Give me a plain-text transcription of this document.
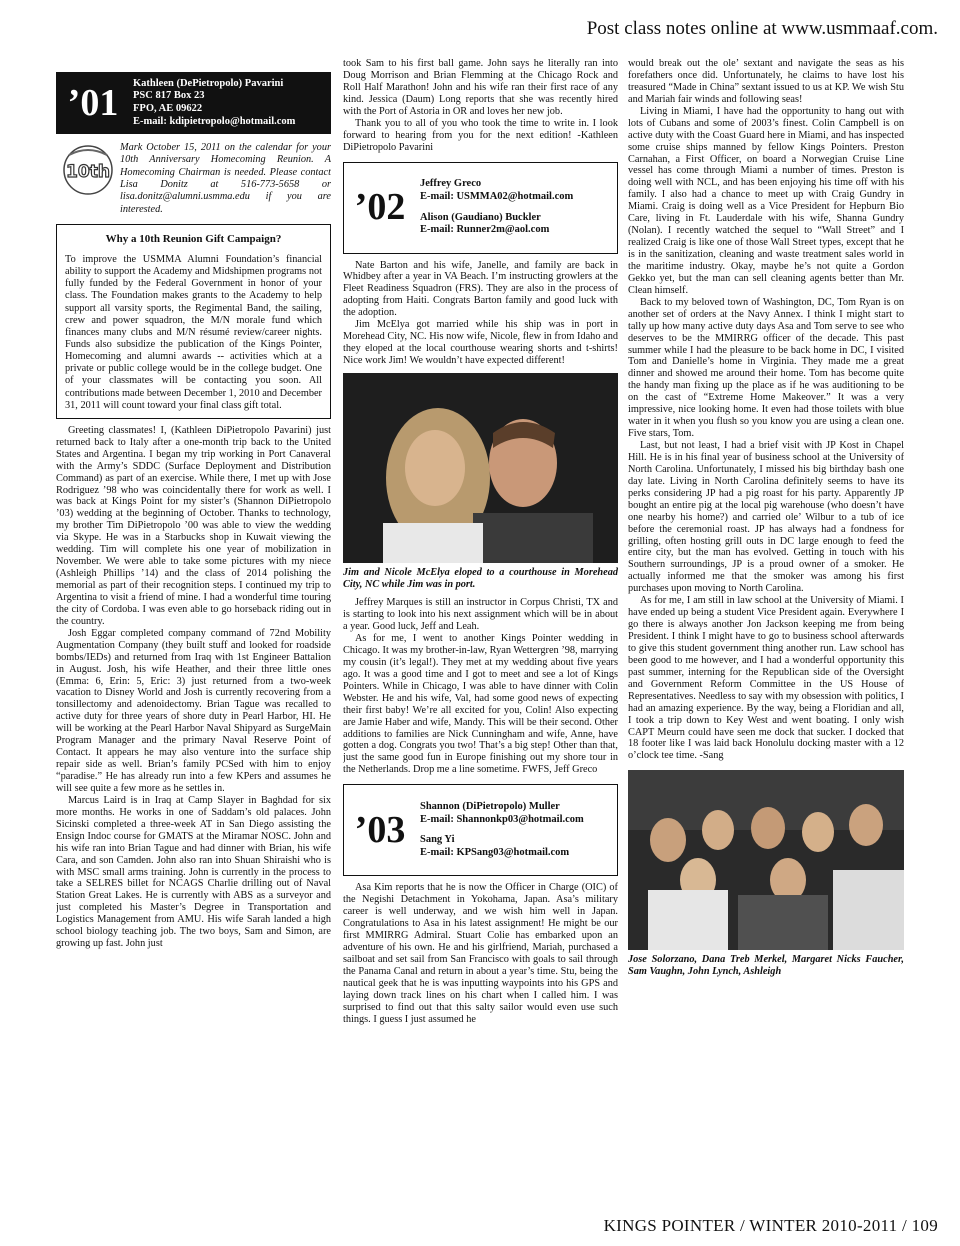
Post class notes online at www.usmmaaf.com.
’01	Kathleen (DePietropolo) Pavarini
PSC 817 Box 23
FPO, AE 09622
E-mail: kdipietropolo@hotmail.com
10th
Mark October 15, 2011 on the calendar for your 10th Anniversary Homecoming Reunion. A Homecoming Chairman is needed. Please contact Lisa Donitz at 516-773-5658 or lisa.donitz@alumni.usmma.edu if you are interested.
Why a 10th Reunion Gift Campaign?
To improve the USMMA Alumni Foundation’s financial ability to support the Academy and Midshipmen programs not fully funded by the Federal Government in honor of your class. The Foundation makes grants to the Academy to help support all varsity sports, the Regimental Band, the sailing, crew and power squadron, the M/N morale fund which finances many clubs and M/N résumé review/career nights. Funds also subsidize the publication of the Kings Pointer, Homecoming and alumni awards -- activities which at a private or public college would be in the college budget. One of your classmates will be contacting you soon. All contributions made between December 1, 2010 and December 31, 2011 will count toward your final class gift total.

Greeting classmates! I, (Kathleen DiPietropolo Pavarini) just returned back to Italy after a one-month trip back to the United States and Argentina. I began my trip working in Port Canaveral with the Army’s SDDC (Surface Deployment and Distribution Command) as part of an exercise. While there, I met up with Jose Rodriguez ’98 who was coincidentally there for work as well. I was back at Kings Point for my sister’s (Shannon DiPietropolo ’03) wedding at the beginning of October. Thanks to technology, my brother Tim DiPietropolo ’00 was able to view the wedding via Skype. He was in a Starbucks shop in Kuwait viewing the wedding. Tim will complete his one year of mobilization in November. We were able to take some pictures with my niece (Ashleigh Phillips ’14) and the class of 2014 polishing the memorial as part of their recognition steps. I continued my trip to Argentina to visit a friend of mine. I had a wonderful time touring the city of Cordoba. I was even able to go horseback riding out in the country.

Josh Eggar completed company command of 72nd Mobility Augmentation Company (they built stuff and looked for roadside bombs/IEDs) and returned from Iraq with 1st Engineer Battalion in August. Josh, his wife Heather, and their three little ones (Emma: 6, Erin: 5, Eric: 3) just returned from a two-week vacation to Disney World and Josh is currently recovering from a tonsillectomy and adenoidectomy. Brian Tague was recalled to active duty for three years of shore duty in Pearl Harbor, HI. He will be working at the Pearl Harbor Naval Shipyard as SurgeMain Program Manager and the primary Naval Reserve Point of Contact. It appears he may also venture into the surface ship repair side as well. Brian’s family PCSed with him to enjoy “paradise.” He has already run into a few KPers and assumes he will see quite a few more as he settles in.

Marcus Laird is in Iraq at Camp Slayer in Baghdad for six more months. He works in one of Saddam’s old palaces. John Sicinski completed a three-week AT in San Diego assisting the Ensign Indoc course for GMATS at the Miramar NOSC. John and his wife ran into Brian Tague and had dinner with Brian, his wife Cara, and son Camden. John also ran into Shuan Shiraishi who is with MSC small arms training. John is currently in the process to take a SELRES billet for NCAGS Charlie drilling out of Naval Station Great Lakes. He is currently with ABS as a surveyor and just completed his Master’s Degree in Transportation and Logistics Management from AMU. His wife Sarah landed a high school biology teaching job. The two boys, Sam and Simon, are growing up fast. John just

took Sam to his first ball game. John says he literally ran into Doug Morrison and Brian Flemming at the Chicago Rock and Roll Half Marathon! John and his wife ran their first race of any kind. Jessica (Daum) Long reports that she was recently hired with the Port of Astoria in OR and loves her new job.

Thank you to all of you who took the time to write in. I look forward to hearing from you for the next edition! -Kathleen DiPietropolo Pavarini

’02
Jeffrey Greco
E-mail: USMMA02@hotmail.com
Alison (Gaudiano) Buckler
E-mail: Runner2m@aol.com

Nate Barton and his wife, Janelle, and family are back in Whidbey after a year in VA Beach. I’m instructing growlers at the Fleet Readiness Squadron (FRS). They are also in the process of adopting from Haiti. Congrats Barton family and good luck with the adoption.

Jim McElya got married while his ship was in port in Morehead City, NC. His now wife, Nicole, flew in from Idaho and they eloped at the local courthouse wearing shorts and t-shirts! Nice work Jim! We wouldn’t have expected different!

Jim and Nicole McElya eloped to a courthouse in Morehead City, NC while Jim was in port.

Jeffrey Marques is still an instructor in Corpus Christi, TX and is starting to look into his next assignment which will be in about a year. Good luck, Jeff and Leah.

As for me, I went to another Kings Pointer wedding in Chicago. It was my brother-in-law, Ryan Wettergren ’98, marrying my cousin (it’s legal!). They met at my wedding about five years ago. It was a good time and I got to meet and see a lot of Kings Pointers. While in Chicago, I was able to have dinner with Colin Webster. He and his wife, Val, had some good news of expecting their first baby! We’re all excited for you, Colin! Also expecting are Jamie Haber and wife, Mandy. This will be their second. Other additions to families are Nick Cunningham and wife, Anne, have gotten a dog. Congrats you two! That’s a big step! Other than that, just the same good fun in Europe finishing out my shore tour in the Netherlands. Drop me a line sometime. FWFS, Jeff Greco

’03
Shannon (DiPietropolo) Muller
E-mail: Shannonkp03@hotmail.com
Sang Yi
E-mail: KPSang03@hotmail.com

Asa Kim reports that he is now the Officer in Charge (OIC) of the Negishi Detachment in Yokohama, Japan. Asa’s military career is well underway, and we wish him well in Japan. Congratulations to Asa in his latest assignment! He might be our first MMIRRG Admiral. Stuart Colie has embarked upon an adventure of his own. He and his girlfriend, Mariah, purchased a sailboat and set sail from San Francisco with goals to sail through the Panama Canal and return in about a year’s time. Stu, being the nautical geek that he is was inputting waypoints into his GPS and laying down track lines on his chart when I called him. I was surprised to find out that this salty sailor would even use such things. I guess I just assumed he

would break out the ole’ sextant and navigate the seas as his forefathers once did. Unfortunately, he claims to have lost his treasured “Made in China” sextant issued to us at KP. We wish Stu and Mariah fair winds and following seas!

Living in Miami, I have had the opportunity to hang out with lots of Cubans and some of 2003’s finest. Colin Campbell is on active duty with the Coast Guard here in Miami, and has inspected some cruise ships manned by fellow Kings Pointers. Preston Carnahan, a First Officer, on board a Norwegian Cruise Line vessel has come through Miami a number of times. Preston is doing well with NCL, and has been enjoying his time off with his family. I also had a chance to meet up with Craig Gundry in Miami. Craig is doing well as a Vice President for Hepburn Bio Care, living in Ft. Lauderdale with his wife, Shanna Gundry (Nolan). I recently watched the sequel to “Wall Street” and I realized Craig is like one of those Wall Street types, except that he is in the sanitization, cleaning and waste treatment sales world in the maritime industry. Okay, maybe he’s not quite a Gordon Gekko yet, but the man can sell cleaning agents better than Mr. Clean himself.

Back to my beloved town of Washington, DC, Tom Ryan is on another set of orders at the Navy Annex. I think I might start to tally up how many active duty days Asa and Tom serve to see who deserves to be the MMIRRG officer of the decade. This past summer while I had the pleasure to be back home in DC, I visited Tom and Danielle’s home in Virginia. They made me a great dinner and showed me around their home. Tom has become quite the handy man fixing up the place as if he was auditioning to be on the cast of “Extreme Home Makeover.” It was a very impressive, nice looking home. It even had those toilets with blue water in it when you flush so you know you are using a clean one. Five stars, Tom.

Last, but not least, I had a brief visit with JP Kost in Chapel Hill. He is in his final year of business school at the University of North Carolina. Unfortunately, I missed his big birthday bash one day late. Living in North Carolina definitely seems to have its perks considering JP had a pig roast for his party. Apparently JP bought an entire pig at the local pig warehouse (who doesn’t have one nearby his home?) and carried ole’ Wilbur to a tub of ice before the ceremonial roast. JP has always had a fondness for grilling, often hosting grill outs in DC large enough to feed the entire city, but the man has evolved. Getting in touch with his Southern surroundings, JP is a proud owner of a smoker. He actually informed me that the smoker was among his first purchases upon moving to North Carolina.

As for me, I am still in law school at the University of Miami. I have ended up being a student Vice President again. Everywhere I go there is always another Jon Jackson keeping me from being President. I think I might have to go to business school afterwards to give this student government thing another run. Law school has been good to me however, and I had a wonderful opportunity this past summer, interning for the Republican side of the Oversight and Government Reform Committee in the US House of Representatives. Needless to say with my obsession with politics, I had an amazing experience. By the way, being a Floridian and all, I took a trip down to Key West and went boating. I only wish CAPT Meurn could have seen me dock that sucker. I docked that 18 footer like I was laid back Honolulu docking master with a 12 o’clock tee time. -Sang

Jose Solorzano, Dana Treb Merkel, Margaret Nicks Faucher, Sam Vaughn, John Lynch, Ashleigh
KINGS POINTER / WINTER 2010-2011 / 109
